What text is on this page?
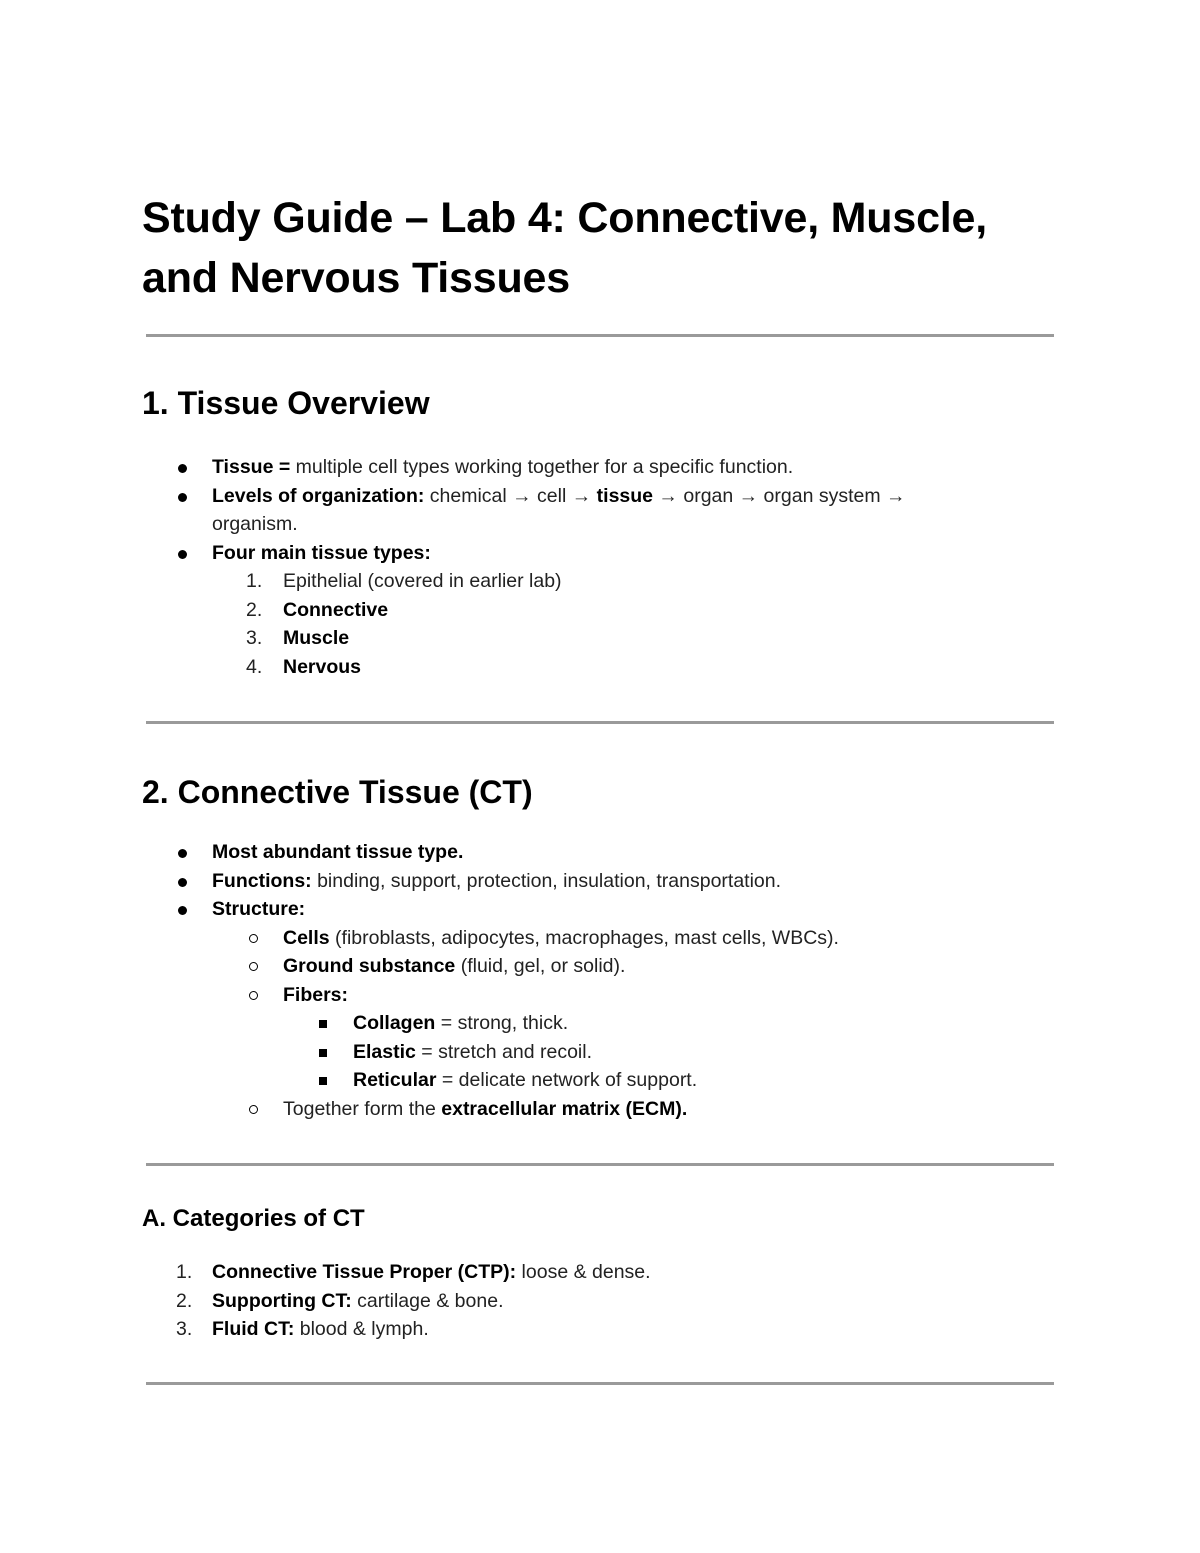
Study Guide – Lab 4: Connective, Muscle,
and Nervous Tissues
1. Tissue Overview
Tissue = multiple cell types working together for a specific function.
Levels of organization: chemical → cell → tissue → organ → organ system →
organism.
Four main tissue types:
1. Epithelial (covered in earlier lab)
2. Connective
3. Muscle
4. Nervous
2. Connective Tissue (CT)
Most abundant tissue type.
Functions: binding, support, protection, insulation, transportation.
Structure:
Cells (fibroblasts, adipocytes, macrophages, mast cells, WBCs).
Ground substance (fluid, gel, or solid).
Fibers:
Collagen = strong, thick.
Elastic = stretch and recoil.
Reticular = delicate network of support.
Together form the extracellular matrix (ECM).
A. Categories of CT
1. Connective Tissue Proper (CTP): loose & dense.
2. Supporting CT: cartilage & bone.
3. Fluid CT: blood & lymph.
